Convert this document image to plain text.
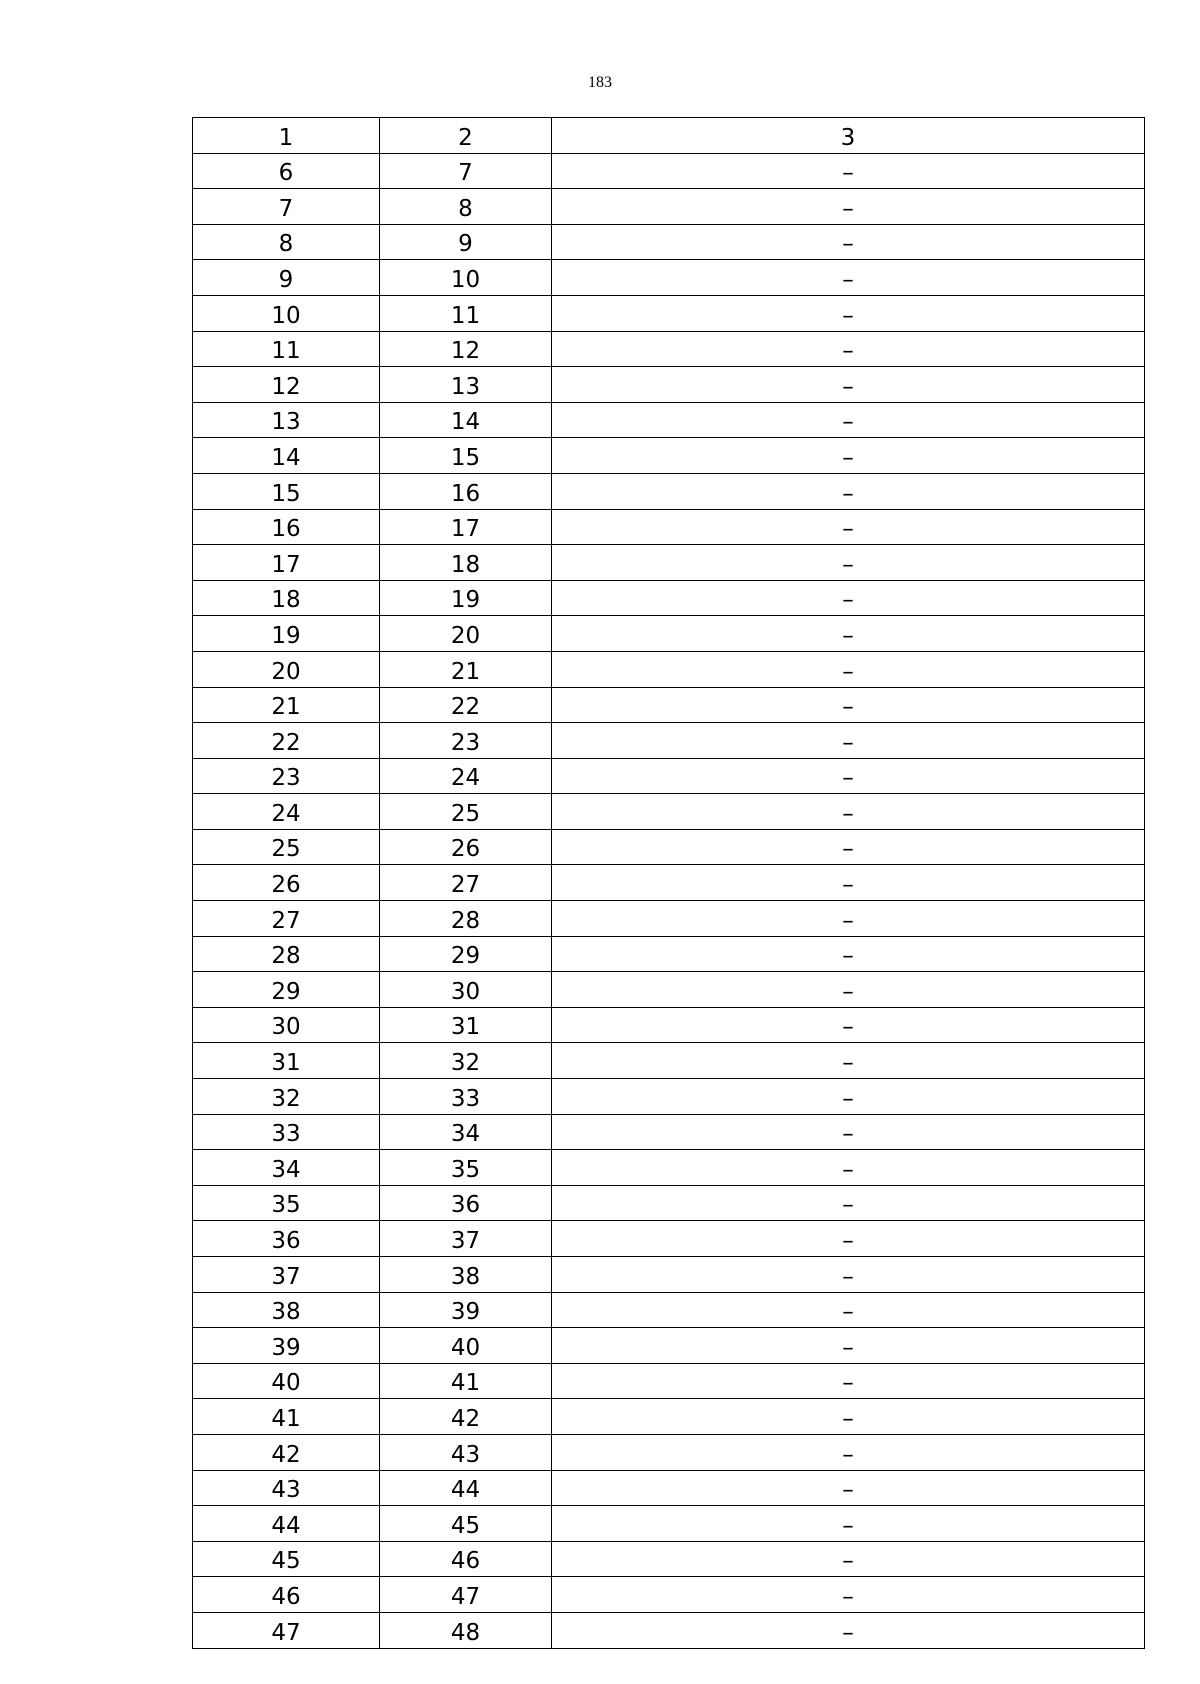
183
1	2	3
6	7	–
7	8	–
8	9	–
9	10	–
10	11	–
11	12	–
12	13	–
13	14	–
14	15	–
15	16	–
16	17	–
17	18	–
18	19	–
19	20	–
20	21	–
21	22	–
22	23	–
23	24	–
24	25	–
25	26	–
26	27	–
27	28	–
28	29	–
29	30	–
30	31	–
31	32	–
32	33	–
33	34	–
34	35	–
35	36	–
36	37	–
37	38	–
38	39	–
39	40	–
40	41	–
41	42	–
42	43	–
43	44	–
44	45	–
45	46	–
46	47	–
47	48	–
